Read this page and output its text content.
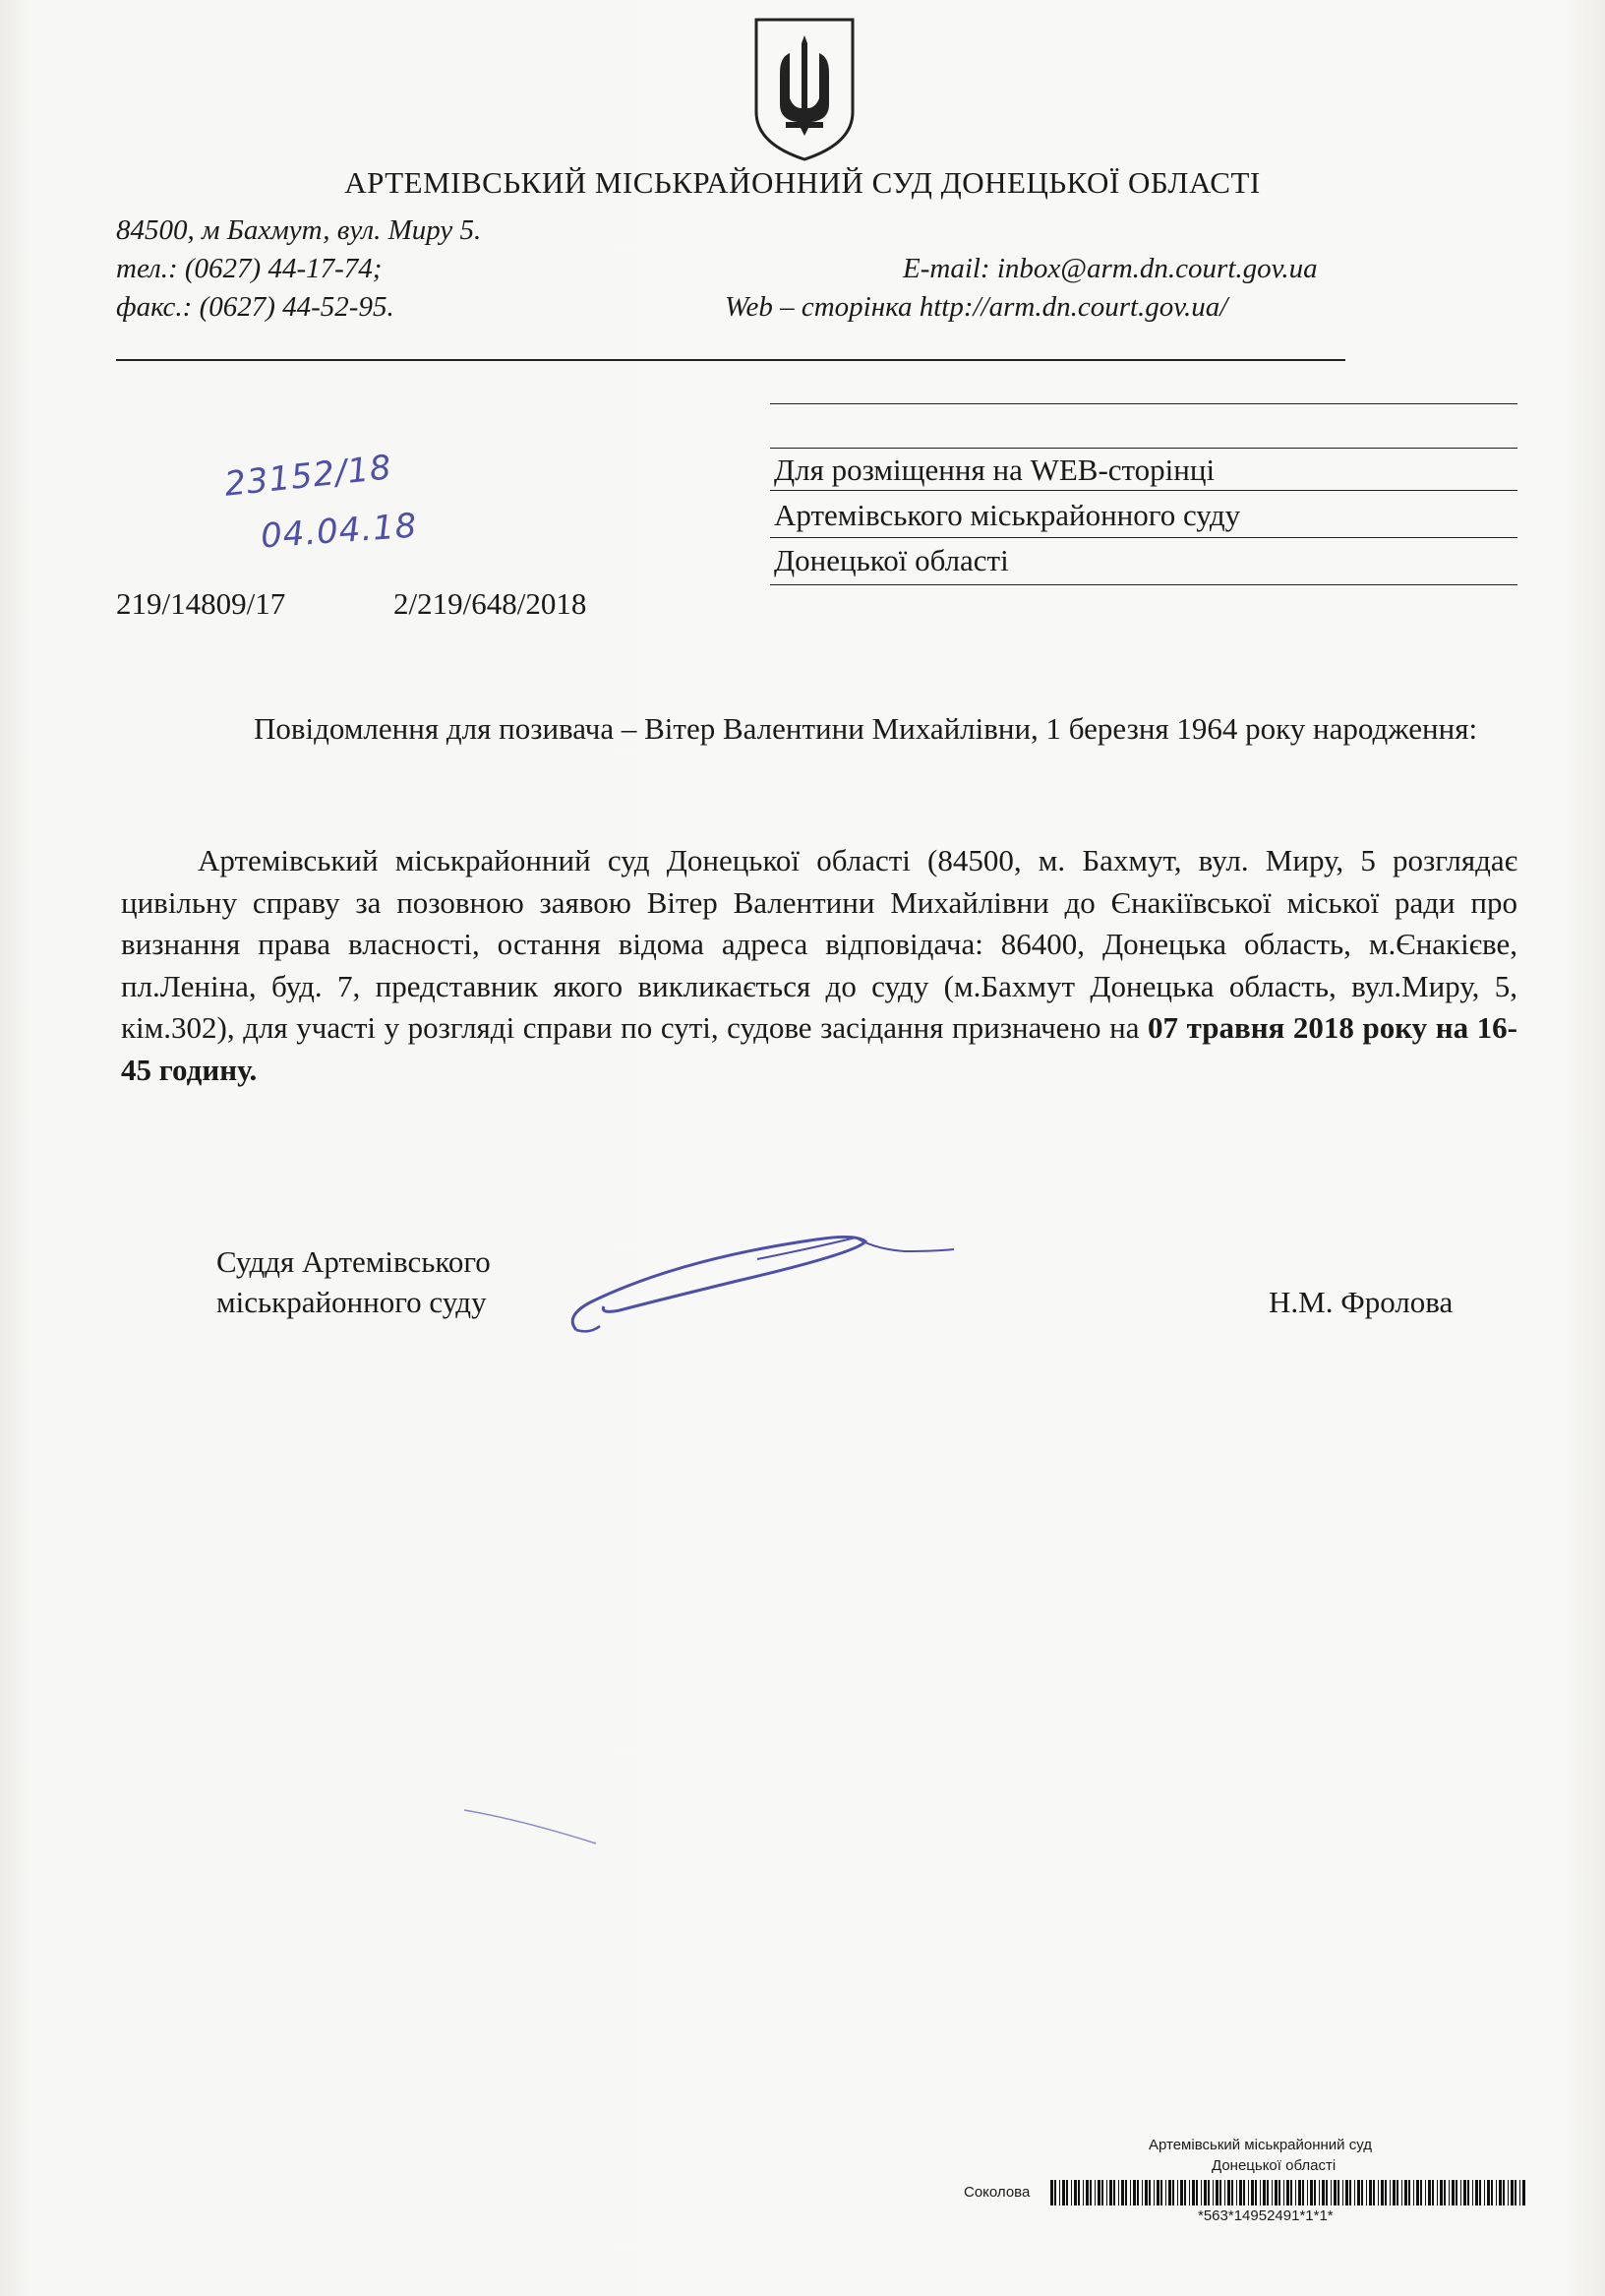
АРТЕМІВСЬКИЙ МІСЬКРАЙОННИЙ СУД ДОНЕЦЬКОЇ ОБЛАСТІ
84500, м Бахмут, вул. Миру 5.
тел.: (0627) 44-17-74;
факс.: (0627) 44-52-95.
E-mail: inbox@arm.dn.court.gov.ua
Web – сторінка http://arm.dn.court.gov.ua/
Для розміщення на WEB-сторінці
Артемівського міськрайонного суду
Донецької області
23152/18
04.04.18
219/14809/17	2/219/648/2018
Повідомлення для позивача – Вітер Валентини Михайлівни, 1 березня 1964 року народження:
Артемівський міськрайонний суд Донецької області (84500, м. Бахмут, вул. Миру, 5 розглядає цивільну справу за позовною заявою Вітер Валентини Михайлівни до Єнакіївської міської ради про визнання права власності, остання відома адреса відповідача: 86400, Донецька область, м.Єнакієве, пл.Леніна, буд. 7, представник якого викликається до суду (м.Бахмут Донецька область, вул.Миру, 5, кім.302), для участі у розгляді справи по суті, судове засідання призначено на 07 травня 2018 року на 16-45 годину.
Суддя Артемівського
міськрайонного суду	Н.М. Фролова
Артемівський міськрайонний суд
Донецької області
Соколова
*563*14952491*1*1*
